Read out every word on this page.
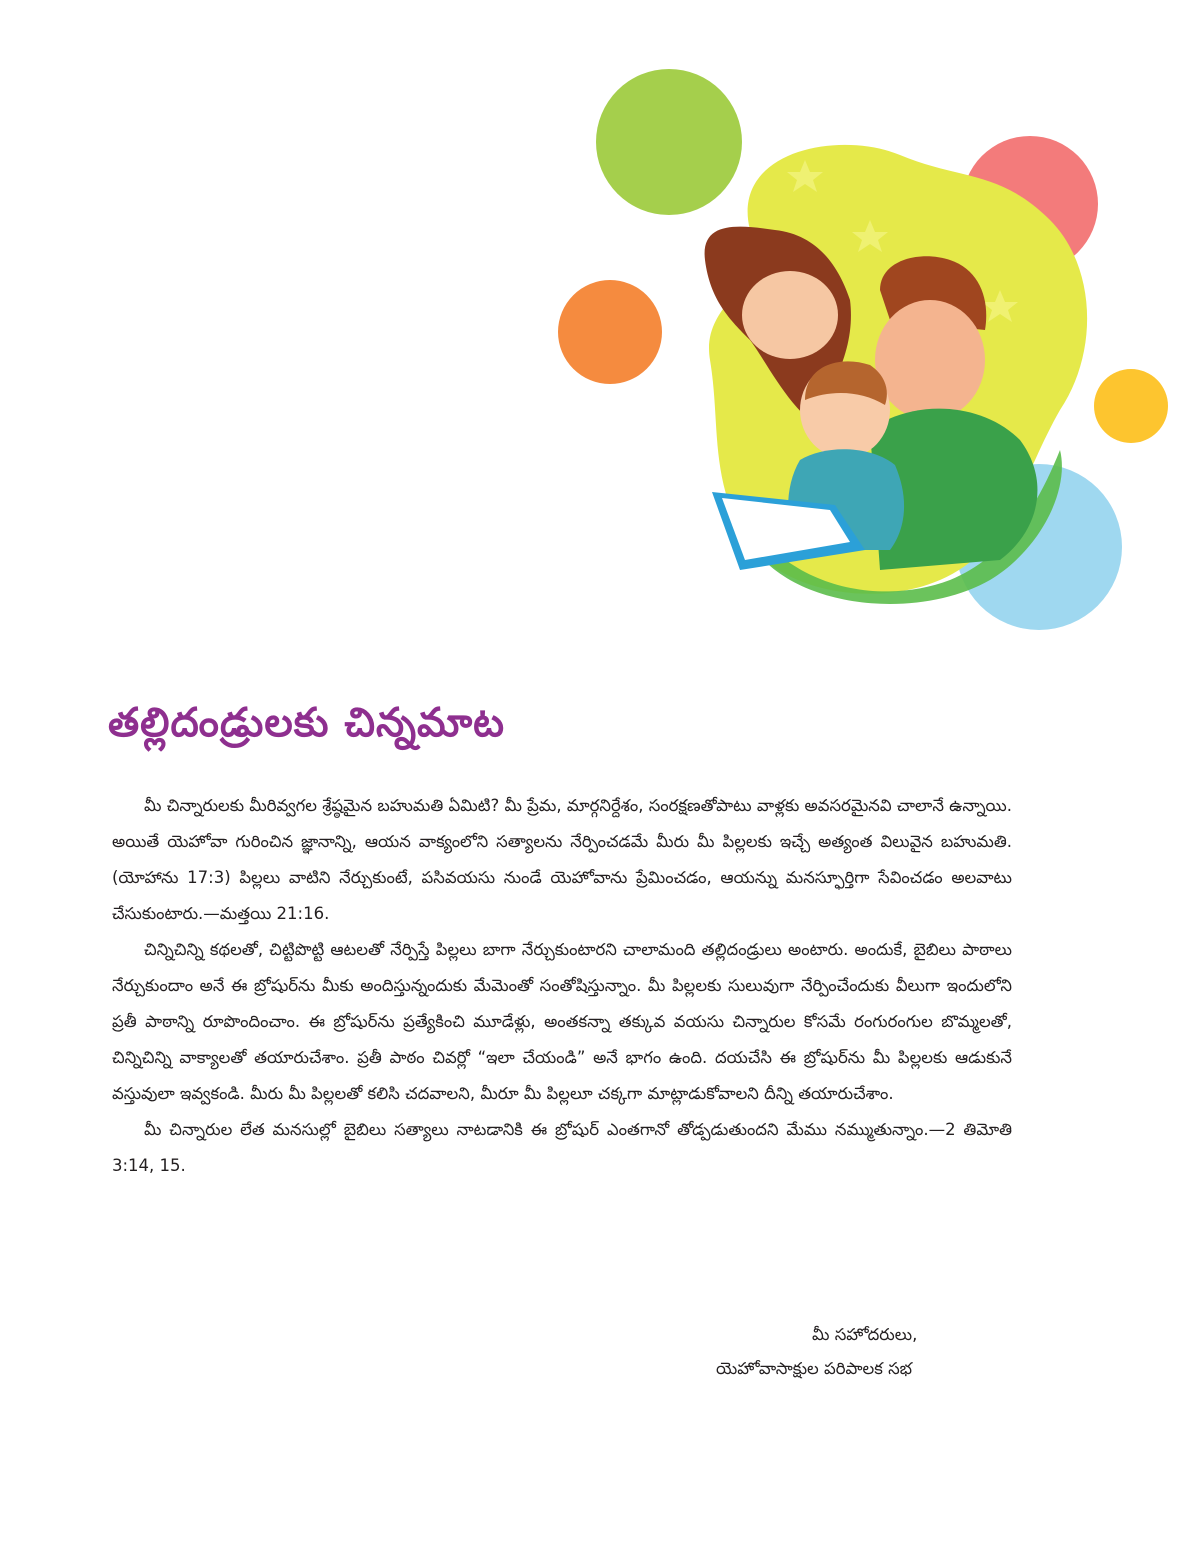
తల్లిదండ్రులకు చిన్నమాట

మీ చిన్నారులకు మీరివ్వగల శ్రేష్ఠమైన బహుమతి ఏమిటి? మీ ప్రేమ, మార్గనిర్దేశం, సంరక్షణతోపాటు వాళ్లకు అవసరమైనవి చాలానే ఉన్నాయి. అయితే యెహోవా గురించిన జ్ఞానాన్ని, ఆయన వాక్యంలోని సత్యాలను నేర్పించడమే మీరు మీ పిల్లలకు ఇచ్చే అత్యంత విలువైన బహుమతి. (యోహాను 17:3) పిల్లలు వాటిని నేర్చుకుంటే, పసివయసు నుండే యెహోవాను ప్రేమించడం, ఆయన్ను మనస్ఫూర్తిగా సేవించడం అలవాటు చేసుకుంటారు.—మత్తయి 21:16.

చిన్నిచిన్ని కథలతో, చిట్టిపొట్టి ఆటలతో నేర్పిస్తే పిల్లలు బాగా నేర్చుకుంటారని చాలామంది తల్లిదండ్రులు అంటారు. అందుకే, బైబిలు పాఠాలు నేర్చుకుందాం అనే ఈ బ్రోషుర్‌ను మీకు అందిస్తున్నందుకు మేమెంతో సంతోషిస్తున్నాం. మీ పిల్లలకు సులువుగా నేర్పించేందుకు వీలుగా ఇందులోని ప్రతీ పాఠాన్ని రూపొందించాం. ఈ బ్రోషుర్‌ను ప్రత్యేకించి మూడేళ్లు, అంతకన్నా తక్కువ వయసు చిన్నారుల కోసమే రంగురంగుల బొమ్మలతో, చిన్నిచిన్ని వాక్యాలతో తయారుచేశాం. ప్రతీ పాఠం చివర్లో “ఇలా చేయండి” అనే భాగం ఉంది. దయచేసి ఈ బ్రోషుర్‌ను మీ పిల్లలకు ఆడుకునే వస్తువులా ఇవ్వకండి. మీరు మీ పిల్లలతో కలిసి చదవాలని, మీరూ మీ పిల్లలూ చక్కగా మాట్లాడుకోవాలని దీన్ని తయారుచేశాం.

మీ చిన్నారుల లేత మనసుల్లో బైబిలు సత్యాలు నాటడానికి ఈ బ్రోషుర్ ఎంతగానో తోడ్పడుతుందని మేము నమ్ముతున్నాం.—2 తిమోతి 3:14, 15.

మీ సహోదరులు,
యెహోవాసాక్షుల పరిపాలక సభ
